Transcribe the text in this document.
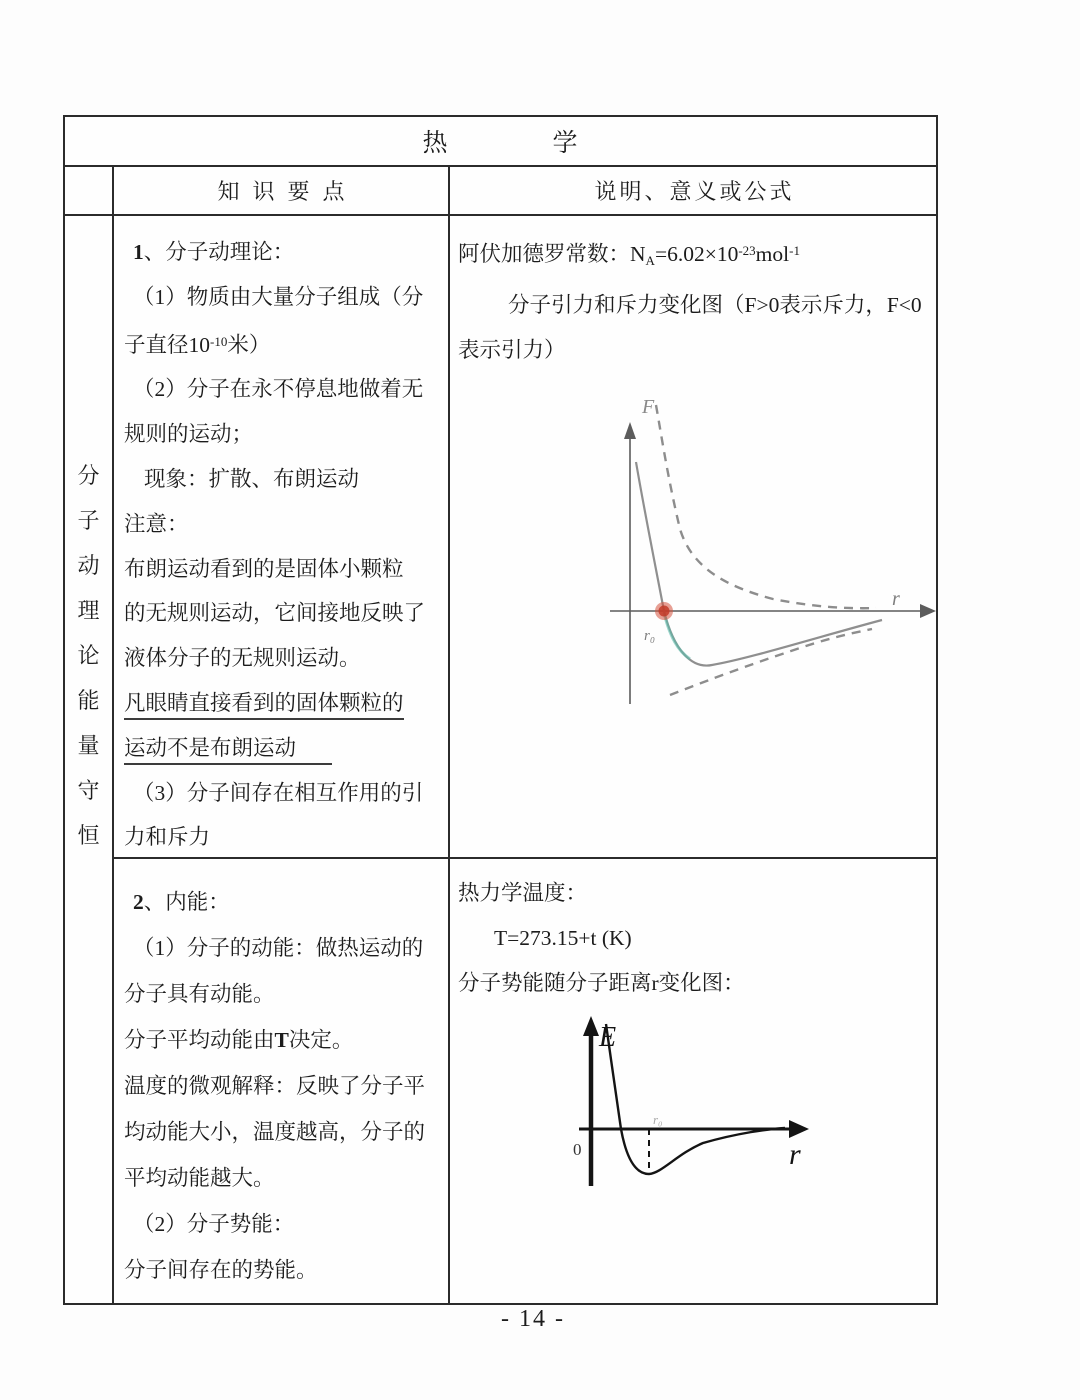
热	学
知识要点	说明、意义或公式
分
子
动
理
论
能
量
守
恒
1、分子动理论：
（1）物质由大量分子组成（分
子直径$10^{-10}$米）
（2）分子在永不停息地做着无
规则的运动；
现象：扩散、布朗运动
注意：
布朗运动看到的是固体小颗粒
的无规则运动，它间接地反映了
液体分子的无规则运动。
凡眼睛直接看到的固体颗粒的
运动不是布朗运动
（3）分子间存在相互作用的引
力和斥力
阿伏加德罗常数：$N_A=6.02\times 10^{-23}mol^{-1}$
分子引力和斥力变化图（F>0表示斥力，F<0
表示引力）
F
r
r₀
2、内能：
（1）分子的动能：做热运动的
分子具有动能。
分子平均动能由T决定。
温度的微观解释：反映了分子平
均动能大小，温度越高，分子的
平均动能越大。
（2）分子势能：
分子间存在的势能。
热力学温度：
T=273.15+t (K)
分子势能随分子距离r变化图：
E
r
0
r₀
- 14 -
